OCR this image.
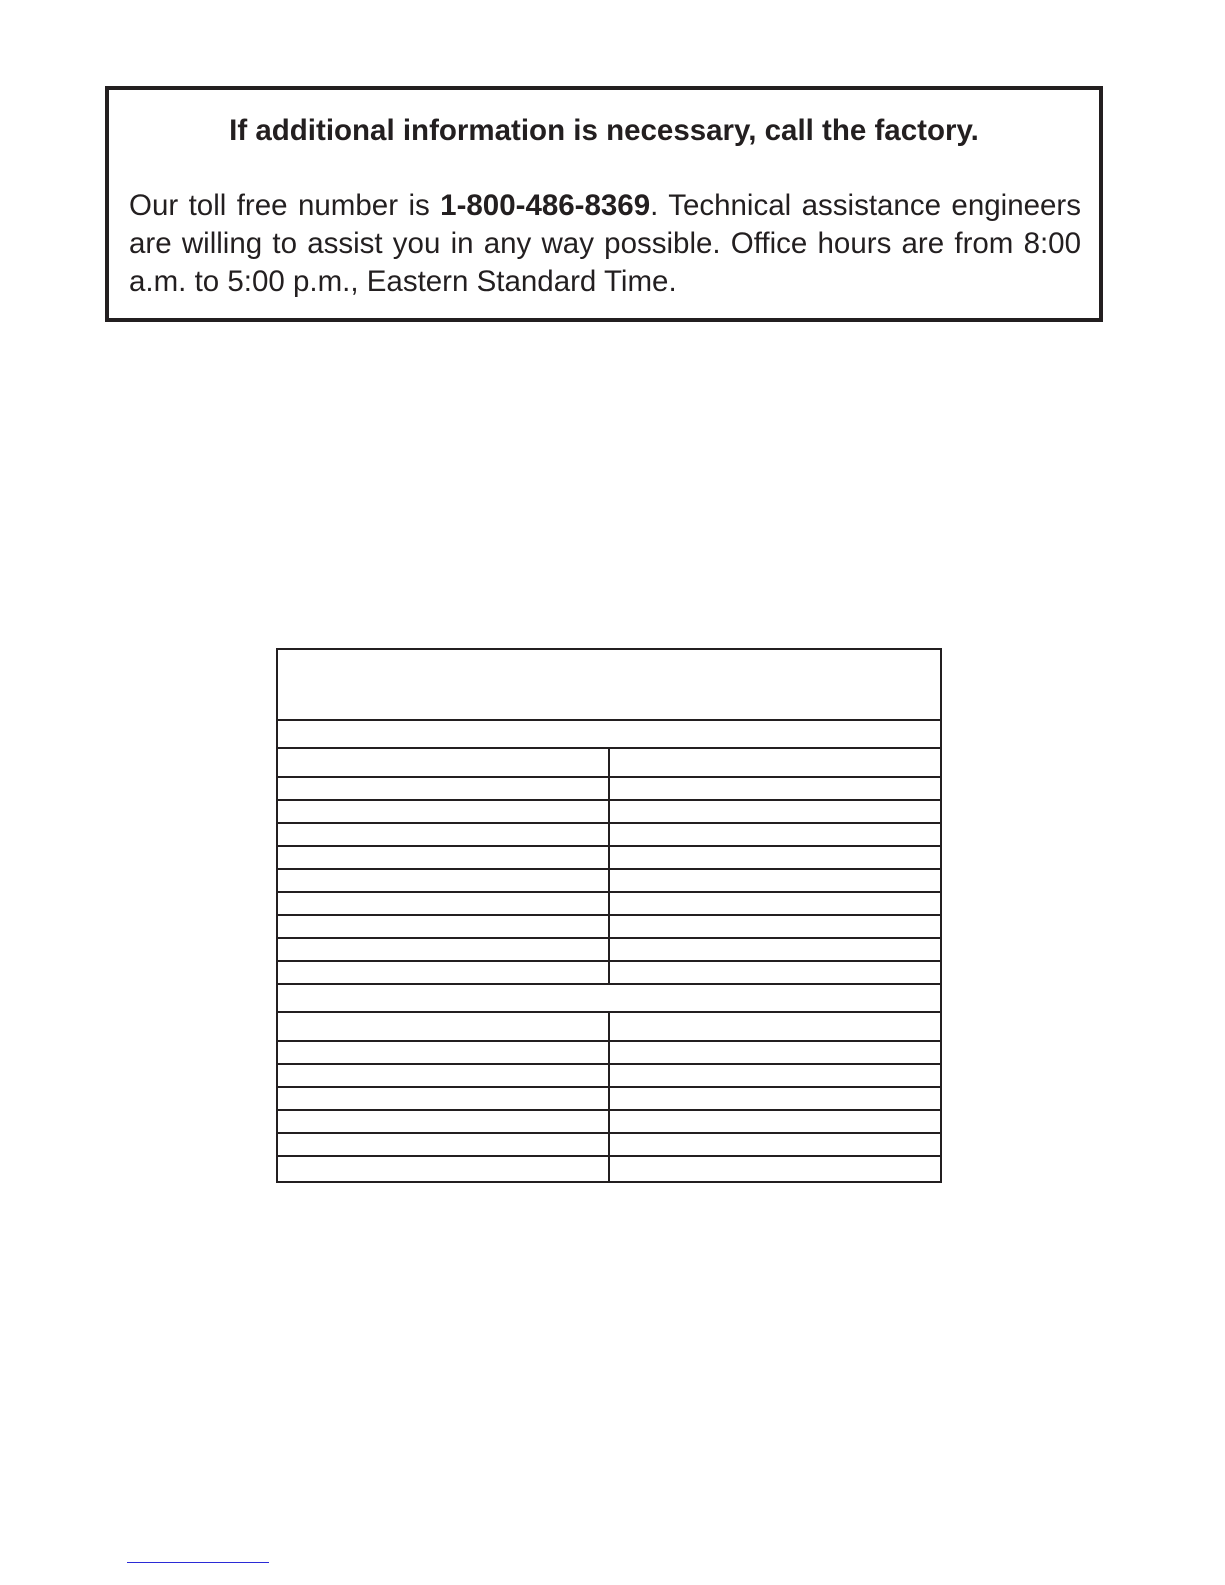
If additional information is necessary, call the factory.
Our toll free number is 1-800-486-8369. Technical assistance engineers are willing to assist you in any way possible. Office hours are from 8:00 a.m. to 5:00 p.m., Eastern Standard Time.
